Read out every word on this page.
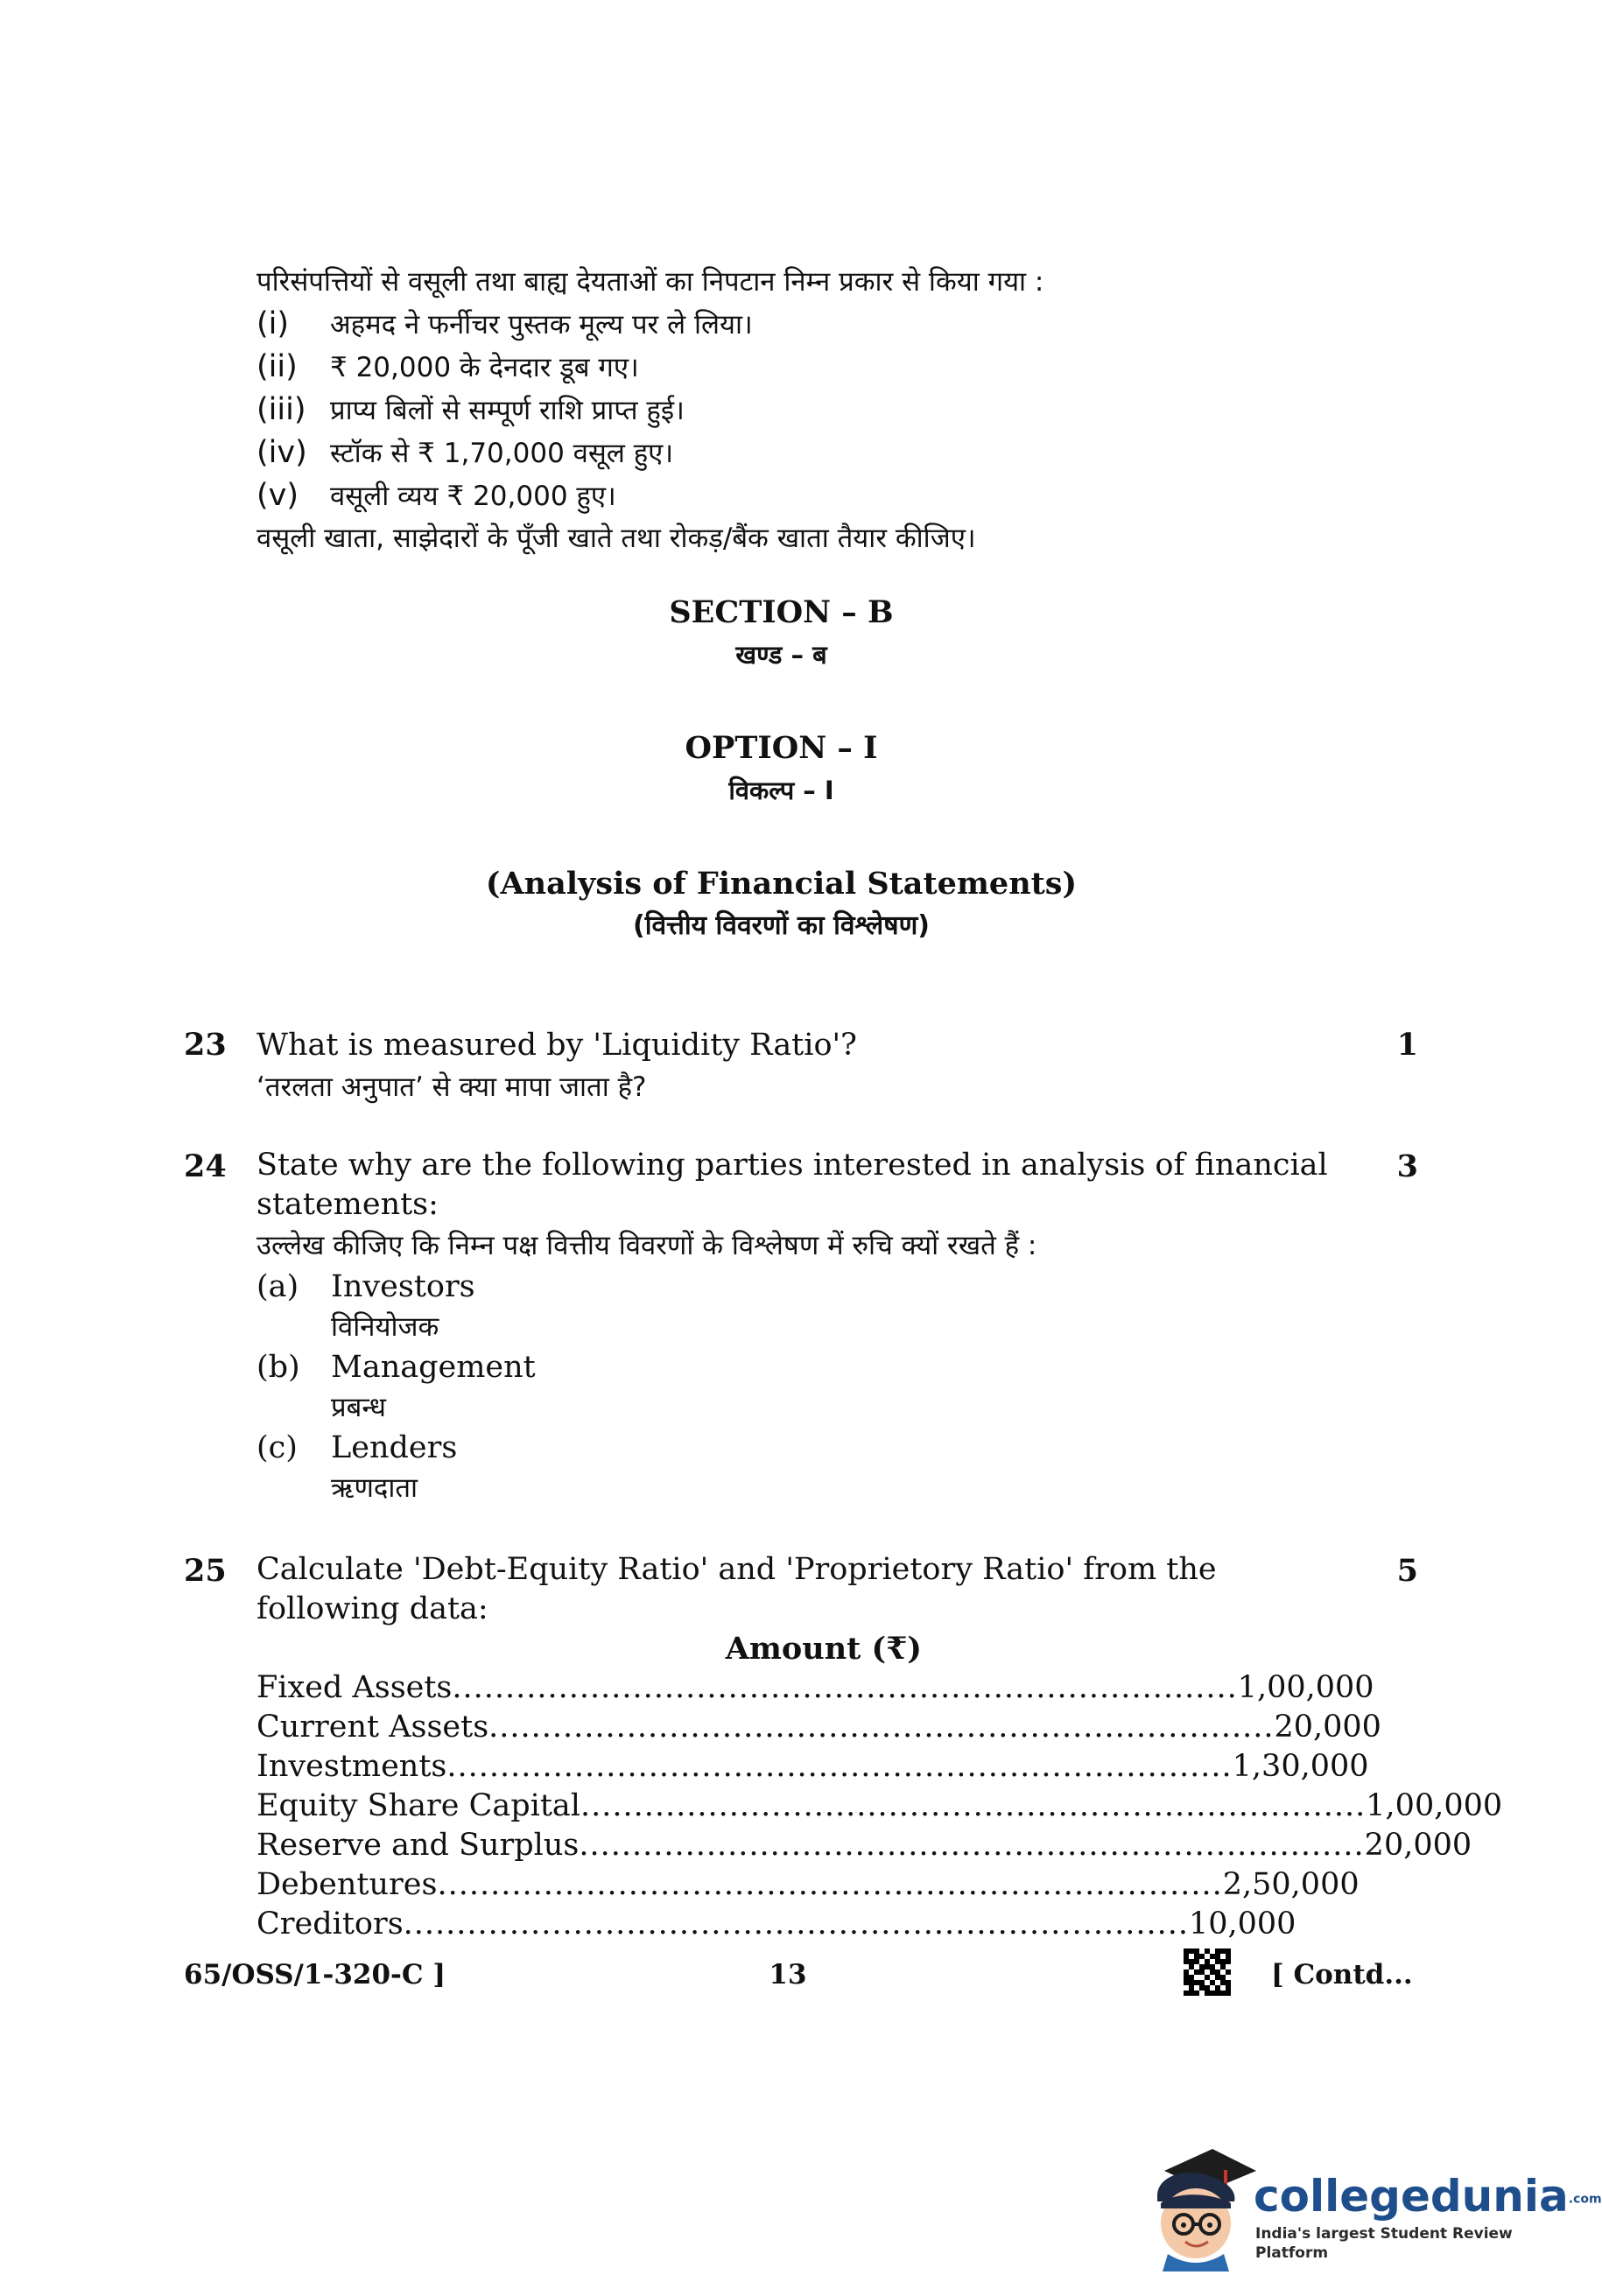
परिसंपत्तियों से वसूली तथा बाह्य देयताओं का निपटान निम्न प्रकार से किया गया :
(i)	अहमद ने फर्नीचर पुस्तक मूल्य पर ले लिया।
(ii)	₹ 20,000 के देनदार डूब गए।
(iii) प्राप्य बिलों से सम्पूर्ण राशि प्राप्त हुई।
(iv) स्टॉक से ₹ 1,70,000 वसूल हुए।
(v)	वसूली व्यय ₹ 20,000 हुए।
वसूली खाता, साझेदारों के पूँजी खाते तथा रोकड़/बैंक खाता तैयार कीजिए।
SECTION – B
खण्ड – ब
OPTION – I
विकल्प – I
(Analysis of Financial Statements)
(वित्तीय विवरणों का विश्लेषण)
23	1
What is measured by 'Liquidity Ratio'?
‘तरलता अनुपात’ से क्या मापा जाता है?
24	3
State why are the following parties interested in analysis of financial
statements:
उल्लेख कीजिए कि निम्न पक्ष वित्तीय विवरणों के विश्लेषण में रुचि क्यों रखते हैं :
(a)	Investors
विनियोजक
(b)	Management
प्रबन्ध
(c)	Lenders
ऋणदाता
25	5
Calculate 'Debt-Equity Ratio' and 'Proprietory Ratio' from the following data:
Amount (₹)
Fixed Assets .......................................................................... 1,00,000
Current Assets .......................................................................... 20,000
Investments .......................................................................... 1,30,000
Equity Share Capital .......................................................................... 1,00,000
Reserve and Surplus .......................................................................... 20,000
Debentures .......................................................................... 2,50,000
Creditors .......................................................................... 10,000
65/OSS/1-320-C ]	13	[ Contd...
collegedunia.com
India's largest Student Review Platform
